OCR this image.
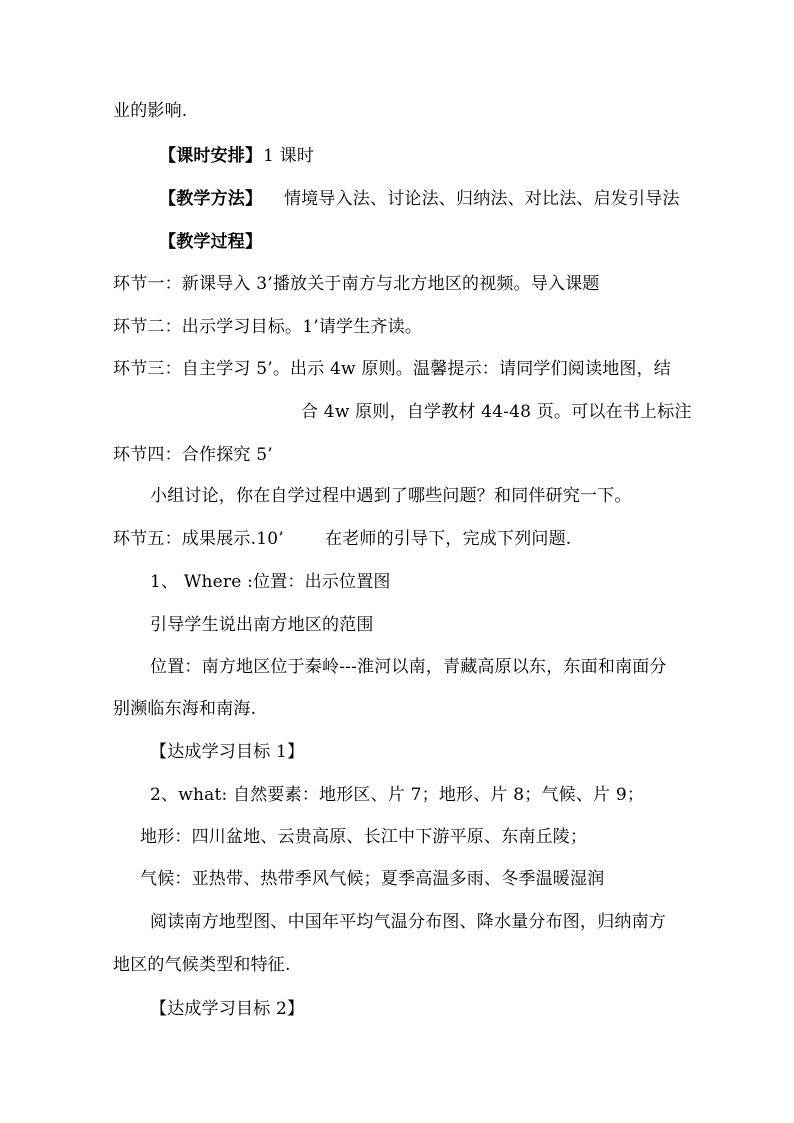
业的影响.
【课时安排】 1 课时
【教学方法】 情境导入法、讨论法、归纳法、对比法、启发引导法
【教学过程】
环节一：新课导入 3’播放关于南方与北方地区的视频。导入课题
环节二：出示学习目标。1’请学生齐读。
环节三：自主学习 5’。出示 4w 原则。温馨提示：请同学们阅读地图，结
合 4w 原则，自学教材 44-48 页。可以在书上标注
环节四：合作探究 5’
小组讨论，你在自学过程中遇到了哪些问题？和同伴研究一下。
环节五：成果展示.10’ 在老师的引导下，完成下列问题.
1、 Where :位置：出示位置图
引导学生说出南方地区的范围
位置：南方地区位于秦岭---淮河以南，青藏高原以东，东面和南面分
别濒临东海和南海.
【达成学习目标 1】
2、what: 自然要素：地形区、片 7；地形、片 8；气候、片 9；
地形：四川盆地、云贵高原、长江中下游平原、东南丘陵；
气候：亚热带、热带季风气候；夏季高温多雨、冬季温暖湿润
阅读南方地型图、中国年平均气温分布图、降水量分布图，归纳南方
地区的气候类型和特征.
【达成学习目标 2】
